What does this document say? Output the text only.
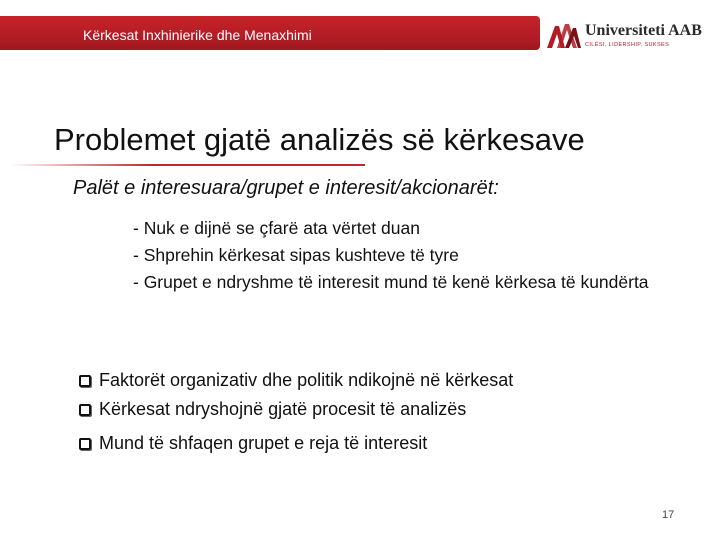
Kërkesat Inxhinierike dhe Menaxhimi	Universiteti AAB
CILËSI, LIDERSHIP, SUKSES
Problemet gjatë analizës së kërkesave
Palët e interesuara/grupet e interesit/akcionarët:
- Nuk e dijnë se çfarë ata vërtet duan
- Shprehin kërkesat sipas kushteve të tyre
- Grupet e ndryshme të interesit mund të kenë kërkesa të kundërta
Faktorët organizativ dhe politik ndikojnë në kërkesat
Kërkesat ndryshojnë gjatë procesit të analizës
Mund të shfaqen grupet e reja të interesit
17
